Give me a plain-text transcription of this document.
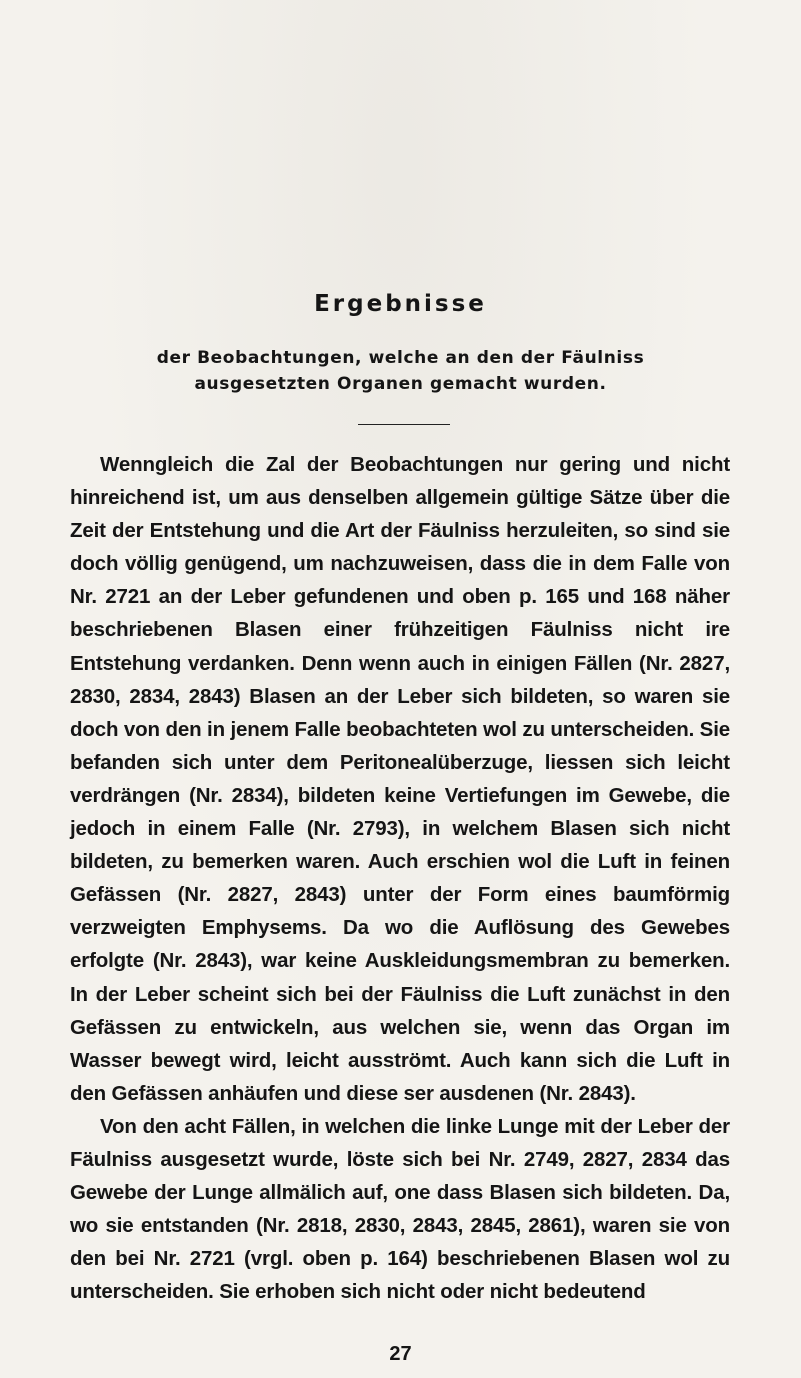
Ergebnisse
der Beobachtungen, welche an den der Fäulniss
ausgesetzten Organen gemacht wurden.

Wenngleich die Zal der Beobachtungen nur gering und nicht hinreichend ist, um aus denselben allgemein gültige Sätze über die Zeit der Entstehung und die Art der Fäulniss herzuleiten, so sind sie doch völlig genügend, um nachzuweisen, dass die in dem Falle von Nr. 2721 an der Leber gefundenen und oben p. 165 und 168 näher beschriebenen Blasen einer frühzeitigen Fäulniss nicht ire Entstehung verdanken. Denn wenn auch in einigen Fällen (Nr. 2827, 2830, 2834, 2843) Blasen an der Leber sich bildeten, so waren sie doch von den in jenem Falle beobachteten wol zu unterscheiden. Sie befanden sich unter dem Peritonealüberzuge, liessen sich leicht verdrängen (Nr. 2834), bildeten keine Vertiefungen im Gewebe, die jedoch in einem Falle (Nr. 2793), in welchem Blasen sich nicht bildeten, zu bemerken waren. Auch erschien wol die Luft in feinen Gefässen (Nr. 2827, 2843) unter der Form eines baumförmig verzweigten Emphysems. Da wo die Auflösung des Gewebes erfolgte (Nr. 2843), war keine Auskleidungsmembran zu bemerken. In der Leber scheint sich bei der Fäulniss die Luft zunächst in den Gefässen zu entwickeln, aus welchen sie, wenn das Organ im Wasser bewegt wird, leicht ausströmt. Auch kann sich die Luft in den Gefässen anhäufen und diese ser ausdenen (Nr. 2843).

Von den acht Fällen, in welchen die linke Lunge mit der Leber der Fäulniss ausgesetzt wurde, löste sich bei Nr. 2749, 2827, 2834 das Gewebe der Lunge allmälich auf, one dass Blasen sich bildeten. Da, wo sie entstanden (Nr. 2818, 2830, 2843, 2845, 2861), waren sie von den bei Nr. 2721 (vrgl. oben p. 164) beschriebenen Blasen wol zu unterscheiden. Sie erhoben sich nicht oder nicht bedeutend

27
